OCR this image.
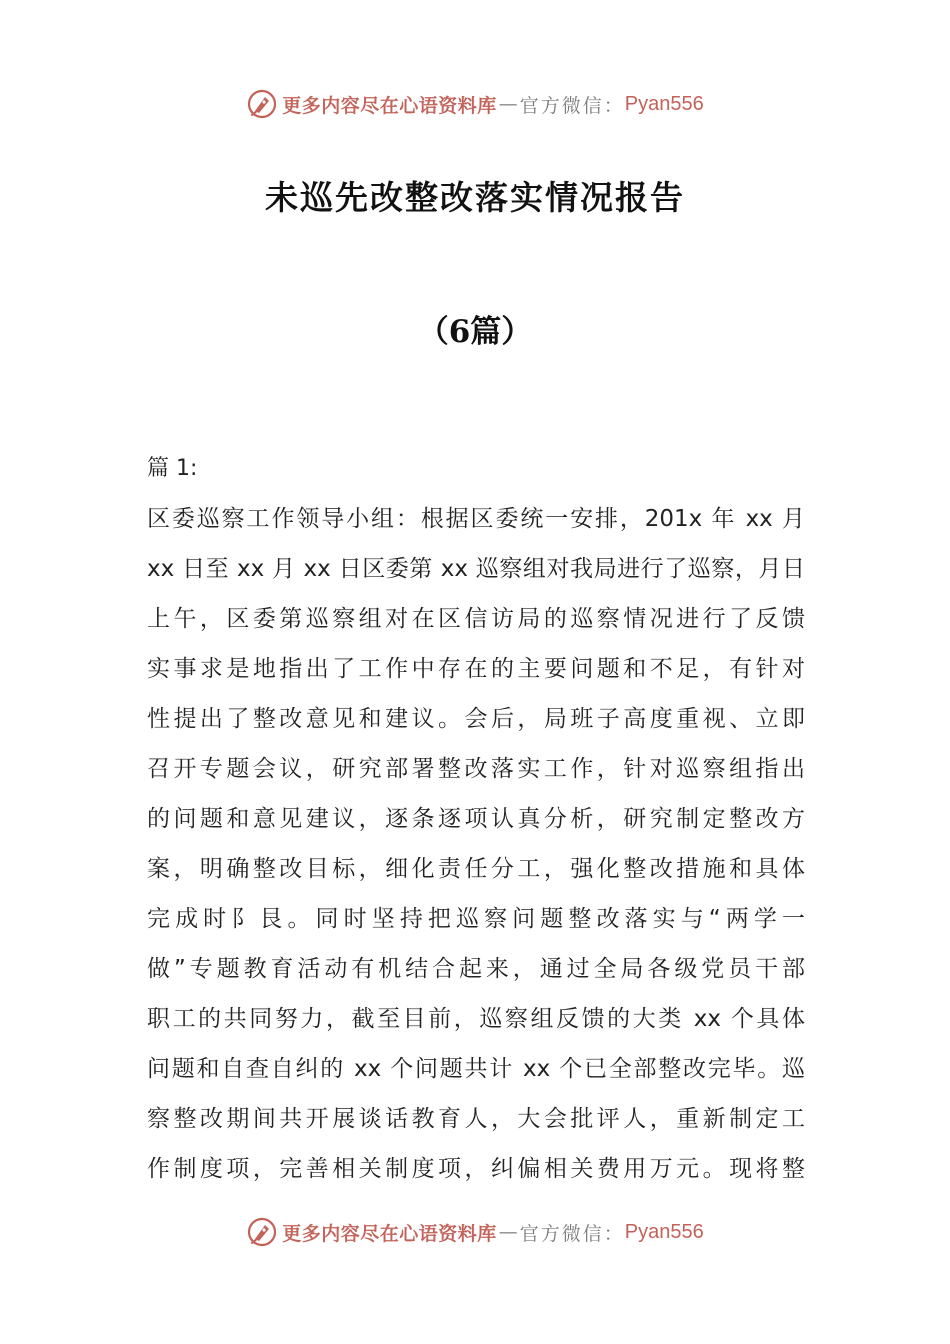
更多内容尽在心语资料库 — 官方微信： Pyan556
未巡先改整改落实情况报告
（6篇）
篇 1:
区委巡察工作领导小组：根据区委统一安排，201x 年 xx 月
xx 日至 xx 月 xx 日区委第 xx 巡察组对我局进行了巡察，月日
上午，区委第巡察组对在区信访局的巡察情况进行了反馈
实事求是地指出了工作中存在的主要问题和不足，有针对
性提出了整改意见和建议。会后，局班子高度重视、立即
召开专题会议，研究部署整改落实工作，针对巡察组指出
的问题和意见建议，逐条逐项认真分析，研究制定整改方
案，明确整改目标，细化责任分工，强化整改措施和具体
完成时阝艮。同时坚持把巡察问题整改落实与“两学一
做”专题教育活动有机结合起来，通过全局各级党员干部
职工的共同努力，截至目前，巡察组反馈的大类 xx 个具体
问题和自查自纠的 xx 个问题共计 xx 个已全部整改完毕。巡
察整改期间共开展谈话教育人，大会批评人，重新制定工
作制度项，完善相关制度项，纠偏相关费用万元。现将整
更多内容尽在心语资料库 — 官方微信： Pyan556
